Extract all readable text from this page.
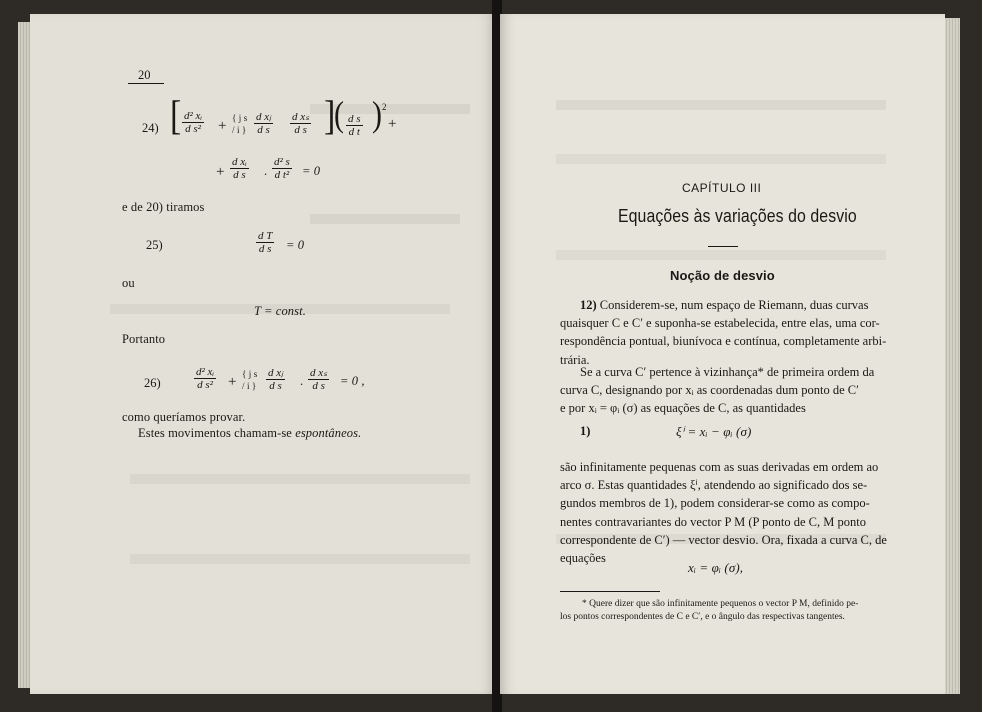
20
24) [ $\frac{\text{d² xᵢ}}{\text{d s²}}$ + { j s / i } $\frac{\text{d xⱼ}}{\text{d s}} \frac{\text{d xₛ}}{\text{d s}}$ ]
( $\frac{\text{d s}}{\text{d t}}$ ) 2
+
+ $\frac{\text{d xᵢ}}{\text{d s}}$ . $\frac{\text{d² s}}{\text{d t²}} = 0$
e de 20) tiramos
25)	$\frac{\text{d T}}{\text{d s}} = 0$
ou
T = const.
Portanto
26)	$\frac{\text{d² xᵢ}}{\text{d s²}}$ + { j s / i } $\frac{\text{d xⱼ}}{\text{d s}}$ . $\frac{\text{d xₛ}}{\text{d s}} = 0$ ,
como queríamos provar.
Estes movimentos chamam-se espontâneos.
CAPÍTULO III
Equações às variações do desvio
Noção de desvio
12) Considerem-se, num espaço de Riemann, duas curvas
quaisquer C e C′ e suponha-se estabelecida, entre elas, uma cor-
respondência pontual, biunívoca e contínua, completamente arbi-
trária.
Se a curva C′ pertence à vizinhança* de primeira ordem da
curva C, designando por xᵢ as coordenadas dum ponto de C′
e por xᵢ = φᵢ (σ) as equações de C, as quantidades
1)	ξⁱ = xᵢ − φᵢ (σ)
são infinitamente pequenas com as suas derivadas em ordem ao
arco σ. Estas quantidades ξⁱ, atendendo ao significado dos se-
gundos membros de 1), podem considerar-se como as compo-
nentes contravariantes do vector P M (P ponto de C, M ponto
correspondente de C′) — vector desvio. Ora, fixada a curva C, de
equações
xᵢ = φᵢ (σ),
* Quere dizer que são infinitamente pequenos o vector P M, definido pe-
los pontos correspondentes de C e C′, e o ângulo das respectivas tangentes.
